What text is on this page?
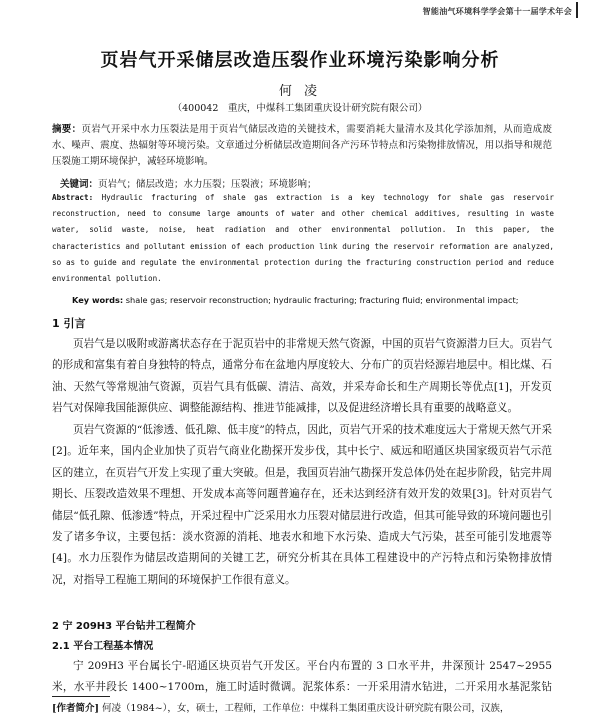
智能油气环境科学学会第十一届学术年会
页岩气开采储层改造压裂作业环境污染影响分析
何 凌
（400042　重庆，中煤科工集团重庆设计研究院有限公司）
摘要：页岩气开采中水力压裂法是用于页岩气储层改造的关键技术，需要消耗大量清水及其化学添加剂，从而造成废水、噪声、震度、热辐射等环境污染。文章通过分析储层改造期间各产污环节特点和污染物排放情况，用以指导和规范压裂施工期环境保护，减轻环境影响。
关键词：页岩气；储层改造；水力压裂；压裂液；环境影响；
Abstract: Hydraulic fracturing of shale gas extraction is a key technology for shale gas reservoir reconstruction, need to consume large amounts of water and other chemical additives, resulting in waste water, solid waste, noise, heat radiation and other environmental pollution. In this paper, the characteristics and pollutant emission of each production link during the reservoir reformation are analyzed, so as to guide and regulate the environmental protection during the fracturing construction period and reduce environmental pollution.
Key words: shale gas; reservoir reconstruction; hydraulic fracturing; fracturing fluid; environmental impact;
1 引言
页岩气是以吸附或游离状态存在于泥页岩中的非常规天然气资源，中国的页岩气资源潜力巨大。页岩气的形成和富集有着自身独特的特点，通常分布在盆地内厚度较大、分布广的页岩烃源岩地层中。相比煤、石油、天然气等常规油气资源，页岩气具有低碳、清洁、高效，并采寿命长和生产周期长等优点[1]，开发页岩气对保障我国能源供应、调整能源结构、推进节能减排，以及促进经济增长具有重要的战略意义。
页岩气资源的“低渗透、低孔隙、低丰度”的特点，因此，页岩气开采的技术难度远大于常规天然气开采[2]。近年来，国内企业加快了页岩气商业化勘探开发步伐，其中长宁、威远和昭通区块国家级页岩气示范区的建立，在页岩气开发上实现了重大突破。但是，我国页岩油气勘探开发总体仍处在起步阶段，钻完井周期长、压裂改造效果不理想、开发成本高等问题普遍存在，还未达到经济有效开发的效果[3]。针对页岩气储层“低孔隙、低渗透”特点，开采过程中广泛采用水力压裂对储层进行改造，但其可能导致的环境问题也引发了诸多争议，主要包括：淡水资源的消耗、地表水和地下水污染、造成大气污染，甚至可能引发地震等[4]。水力压裂作为储层改造期间的关键工艺，研究分析其在具体工程建设中的产污特点和污染物排放情况，对指导工程施工期间的环境保护工作很有意义。
2 宁 209H3 平台钻井工程简介
2.1 平台工程基本情况
宁 209H3 平台属长宁-昭通区块页岩气开发区。平台内布置的 3 口水平井，井深预计 2547~2955 米，水平井段长 1400~1700m，施工时适时微调。泥浆体系：一开采用清水钻进，二开采用水基泥浆钻
[作者简介] 何凌（1984~），女，硕士，工程师，工作单位：中煤科工集团重庆设计研究院有限公司，汉族，
